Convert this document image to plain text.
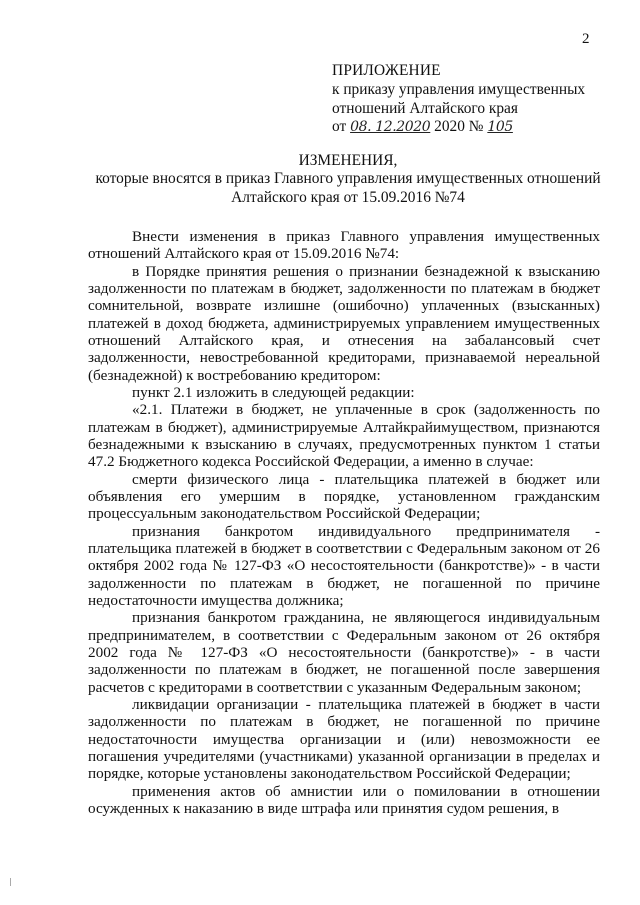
2
ПРИЛОЖЕНИЕ
к приказу управления имущественных
отношений Алтайского края
от 08. 12.2020 2020 № 105
ИЗМЕНЕНИЯ,
которые вносятся в приказ Главного управления имущественных отношений Алтайского края от 15.09.2016 №74

Внести изменения в приказ Главного управления имущественных отношений Алтайского края от 15.09.2016 №74:

в Порядке принятия решения о признании безнадежной к взысканию задолженности по платежам в бюджет, задолженности по платежам в бюджет сомнительной, возврате излишне (ошибочно) уплаченных (взысканных) платежей в доход бюджета, администрируемых управлением имущественных отношений Алтайского края, и отнесения на забалансовый счет задолженности, невостребованной кредиторами, признаваемой нереальной (безнадежной) к востребованию кредитором:

пункт 2.1 изложить в следующей редакции:

«2.1. Платежи в бюджет, не уплаченные в срок (задолженность по платежам в бюджет), администрируемые Алтайкрайимуществом, признаются безнадежными к взысканию в случаях, предусмотренных пунктом 1 статьи 47.2 Бюджетного кодекса Российской Федерации, а именно в случае:

смерти физического лица - плательщика платежей в бюджет или объявления его умершим в порядке, установленном гражданским процессуальным законодательством Российской Федерации;

признания банкротом индивидуального предпринимателя - плательщика платежей в бюджет в соответствии с Федеральным законом от 26 октября 2002 года № 127-ФЗ «О несостоятельности (банкротстве)» - в части задолженности по платежам в бюджет, не погашенной по причине недостаточности имущества должника;

признания банкротом гражданина, не являющегося индивидуальным предпринимателем, в соответствии с Федеральным законом от 26 октября 2002 года № 127-ФЗ «О несостоятельности (банкротстве)» - в части задолженности по платежам в бюджет, не погашенной после завершения расчетов с кредиторами в соответствии с указанным Федеральным законом;

ликвидации организации - плательщика платежей в бюджет в части задолженности по платежам в бюджет, не погашенной по причине недостаточности имущества организации и (или) невозможности ее погашения учредителями (участниками) указанной организации в пределах и порядке, которые установлены законодательством Российской Федерации;

применения актов об амнистии или о помиловании в отношении осужденных к наказанию в виде штрафа или принятия судом решения, в
